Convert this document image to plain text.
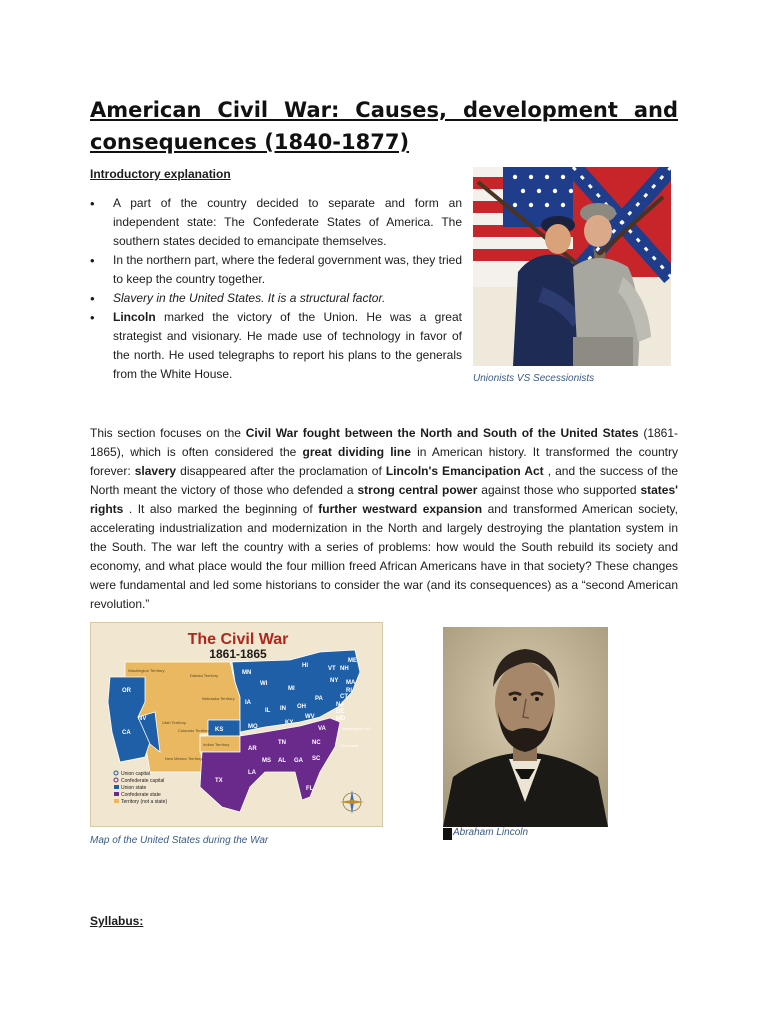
American Civil War: Causes, development and consequences (1840-1877)

Introductory explanation

• A part of the country decided to separate and form an independent state: The Confederate States of America. The southern states decided to emancipate themselves.
• In the northern part, where the federal government was, they tried to keep the country together.
• Slavery in the United States. It is a structural factor.
• Lincoln marked the victory of the Union. He was a great strategist and visionary. He made use of technology in favor of the north. He used telegraphs to report his plans to the generals from the White House.	Unionists VS Secessionists

This section focuses on the Civil War fought between the North and South of the United States (1861-1865), which is often considered the great dividing line in American history. It transformed the country forever: slavery disappeared after the proclamation of Lincoln's Emancipation Act , and the success of the North meant the victory of those who defended a strong central power against those who supported states' rights . It also marked the beginning of further westward expansion and transformed American society, accelerating industrialization and modernization in the North and largely destroying the plantation system in the South. The war left the country with a series of problems: how would the South rebuild its society and economy, and what place would the four million freed African Americans have in that society? These changes were fundamental and led some historians to consider the war (and its consequences) as a “second American revolution.”

The Civil War
1861-1865
OR
CA
NV
MN
WI
MI
IA
IL IN OH
PA
NY
KS	MO
KY
TX
AR
LA
MS AL GA
FL
TN	NC
SC
VA
WV
ME
NH
VT
MA
RI
CT
NJ
DE
MD
HI
Washington Territory
Dakota Territory
Nebraska Territory
Utah Territory
Colorado Territory
New Mexico Territory
Indian Territory
Washington, DC
Richmond
Union capital
Confederate capital
Union state
Confederate state
Territory (not a state)

Map of the United States during the War

Abraham Lincoln

Syllabus:
